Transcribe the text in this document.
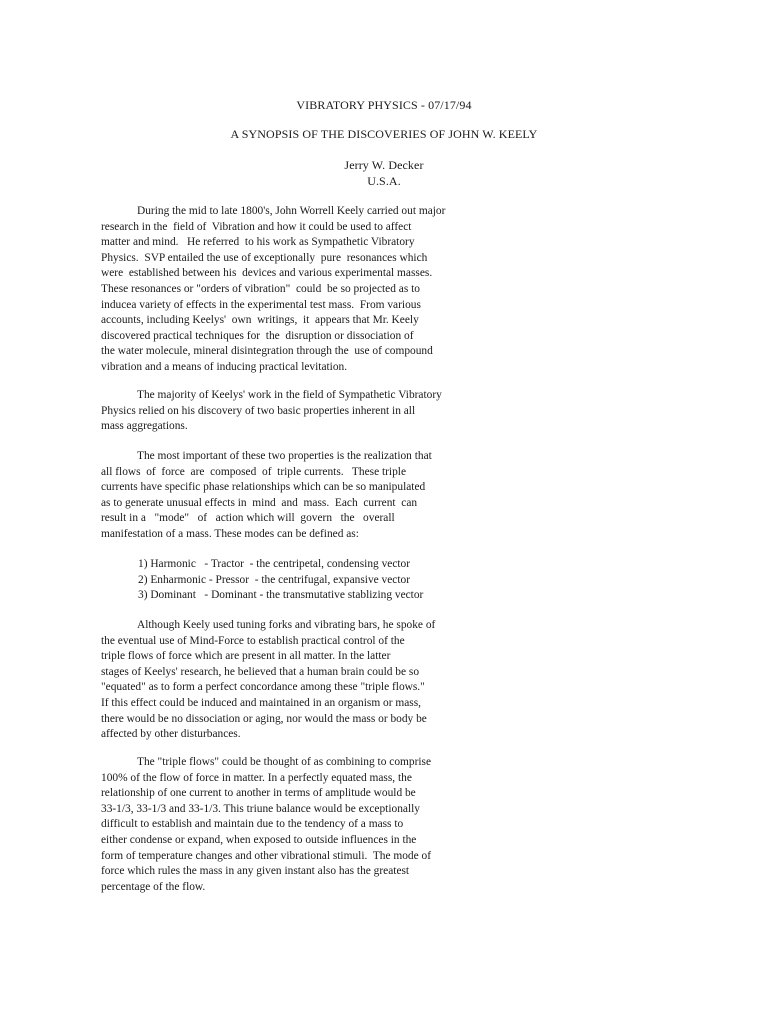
VIBRATORY PHYSICS - 07/17/94
A SYNOPSIS OF THE DISCOVERIES OF JOHN W. KEELY
Jerry W. Decker
U.S.A.
During the mid to late 1800's, John Worrell Keely carried out major
research in the  field of  Vibration and how it could be used to affect
matter and mind.   He referred  to his work as Sympathetic Vibratory
Physics.  SVP entailed the use of exceptionally  pure  resonances which
were  established between his  devices and various experimental masses.
These resonances or "orders of vibration"  could  be so projected as to
inducea variety of effects in the experimental test mass.  From various
accounts, including Keelys'  own  writings,  it  appears that Mr. Keely
discovered practical techniques for  the  disruption or dissociation of
the water molecule, mineral disintegration through the  use of compound
vibration and a means of inducing practical levitation.
The majority of Keelys' work in the field of Sympathetic Vibratory
Physics relied on his discovery of two basic properties inherent in all
mass aggregations.
The most important of these two properties is the realization that
all flows  of  force  are  composed  of  triple currents.   These triple
currents have specific phase relationships which can be so manipulated
as to generate unusual effects in  mind  and  mass.  Each  current  can
result in a   "mode"   of   action which will  govern   the   overall
manifestation of a mass. These modes can be defined as:
1) Harmonic   - Tractor  - the centripetal, condensing vector
2) Enharmonic - Pressor  - the centrifugal, expansive vector
3) Dominant   - Dominant - the transmutative stablizing vector
Although Keely used tuning forks and vibrating bars, he spoke of
the eventual use of Mind-Force to establish practical control of the
triple flows of force which are present in all matter. In the latter
stages of Keelys' research, he believed that a human brain could be so
"equated" as to form a perfect concordance among these "triple flows."
If this effect could be induced and maintained in an organism or mass,
there would be no dissociation or aging, nor would the mass or body be
affected by other disturbances.
The "triple flows" could be thought of as combining to comprise
100% of the flow of force in matter. In a perfectly equated mass, the
relationship of one current to another in terms of amplitude would be
33-1/3, 33-1/3 and 33-1/3. This triune balance would be exceptionally
difficult to establish and maintain due to the tendency of a mass to
either condense or expand, when exposed to outside influences in the
form of temperature changes and other vibrational stimuli.  The mode of
force which rules the mass in any given instant also has the greatest
percentage of the flow.
